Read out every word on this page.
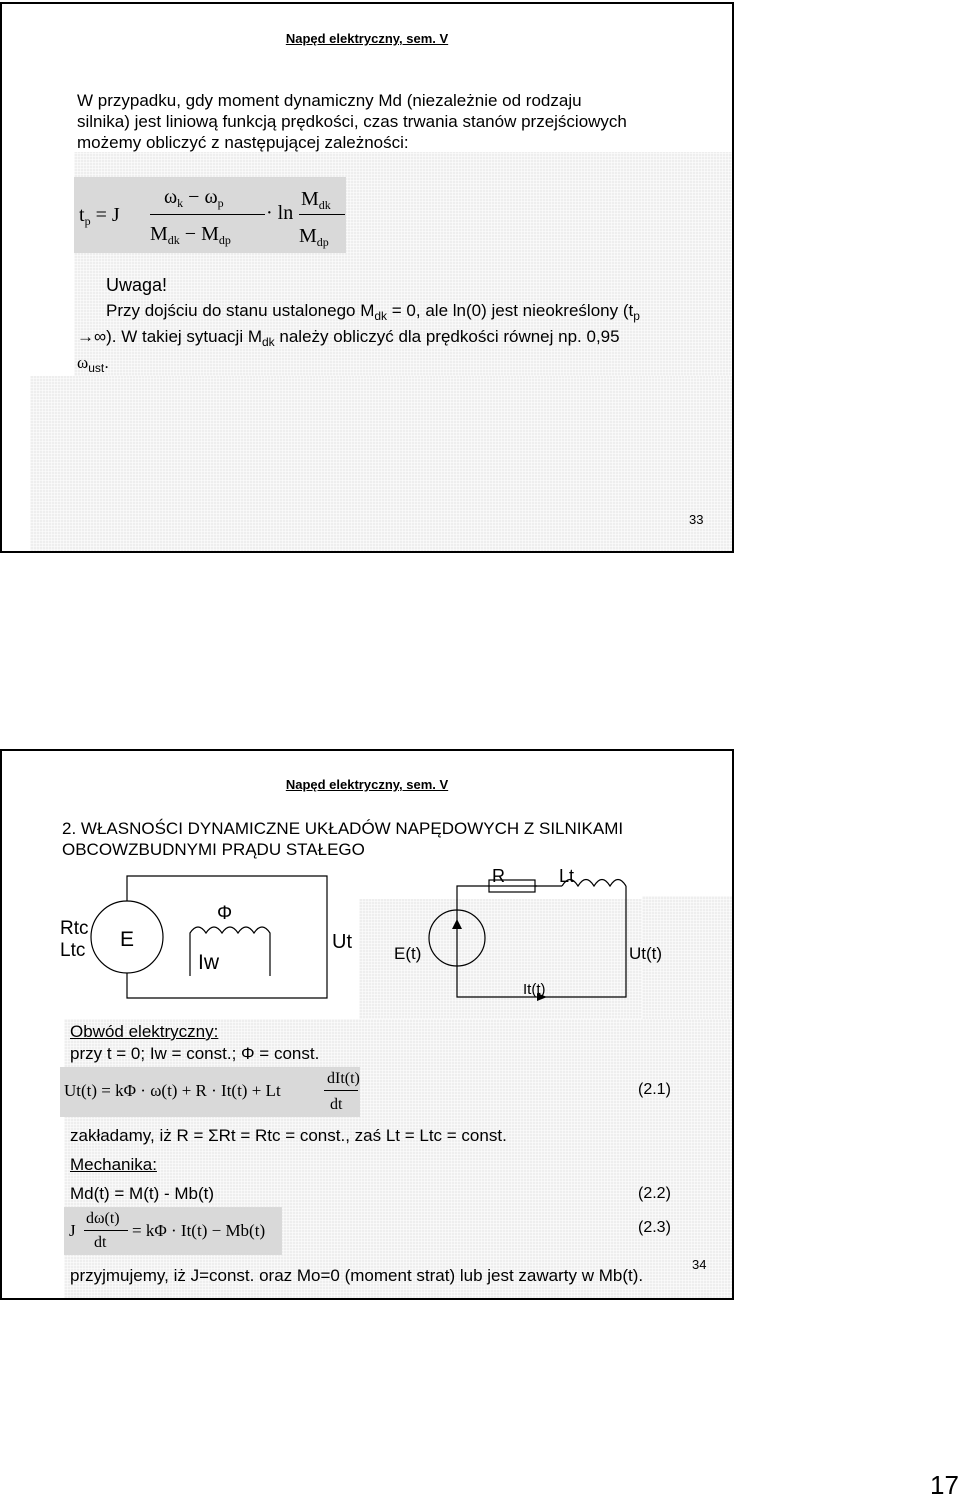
Napęd elektryczny, sem. V
W przypadku, gdy moment dynamiczny Md (niezależnie od rodzaju
silnika) jest liniową funkcją prędkości, czas trwania stanów przejściowych
możemy obliczyć z następującej zależności:
$t_p = J$
$\omega_k - \omega_p$
$M_{dk} - M_{dp}$
· ln
$M_{dk}$
$M_{dp}$
Uwaga!
Przy dojściu do stanu ustalonego $M_{dk} = 0$, ale ln(0) jest nieokreślony ($t_p$
→∞). W takiej sytuacji $M_{dk}$ należy obliczyć dla prędkości równej np. 0,95
$\omega_{ust}$.
33
Napęd elektryczny, sem. V
2. WŁASNOŚCI DYNAMICZNE UKŁADÓW NAPĘDOWYCH Z SILNIKAMI
OBCOWZBUDNYMI PRĄDU STAŁEGO
Rtc
Ltc E
Φ
Iw
Ut
R	Lt
E(t)	Ut(t)
It(t)
Obwód elektryczny:
przy t = 0; Iw = const.; Φ = const.
Ut(t) = kΦ · ω(t) + R · It(t) + Lt
dIt(t)
dt
(2.1)
zakładamy, iż R = ΣRt = Rtc = const., zaś Lt = Ltc = const.
Mechanika:
Md(t) = M(t) - Mb(t)	(2.2)
J
dω(t)
dt
= kΦ · It(t) − Mb(t)	(2.3)
przyjmujemy, iż J=const. oraz Mo=0 (moment strat) lub jest zawarty w Mb(t).
34
17
